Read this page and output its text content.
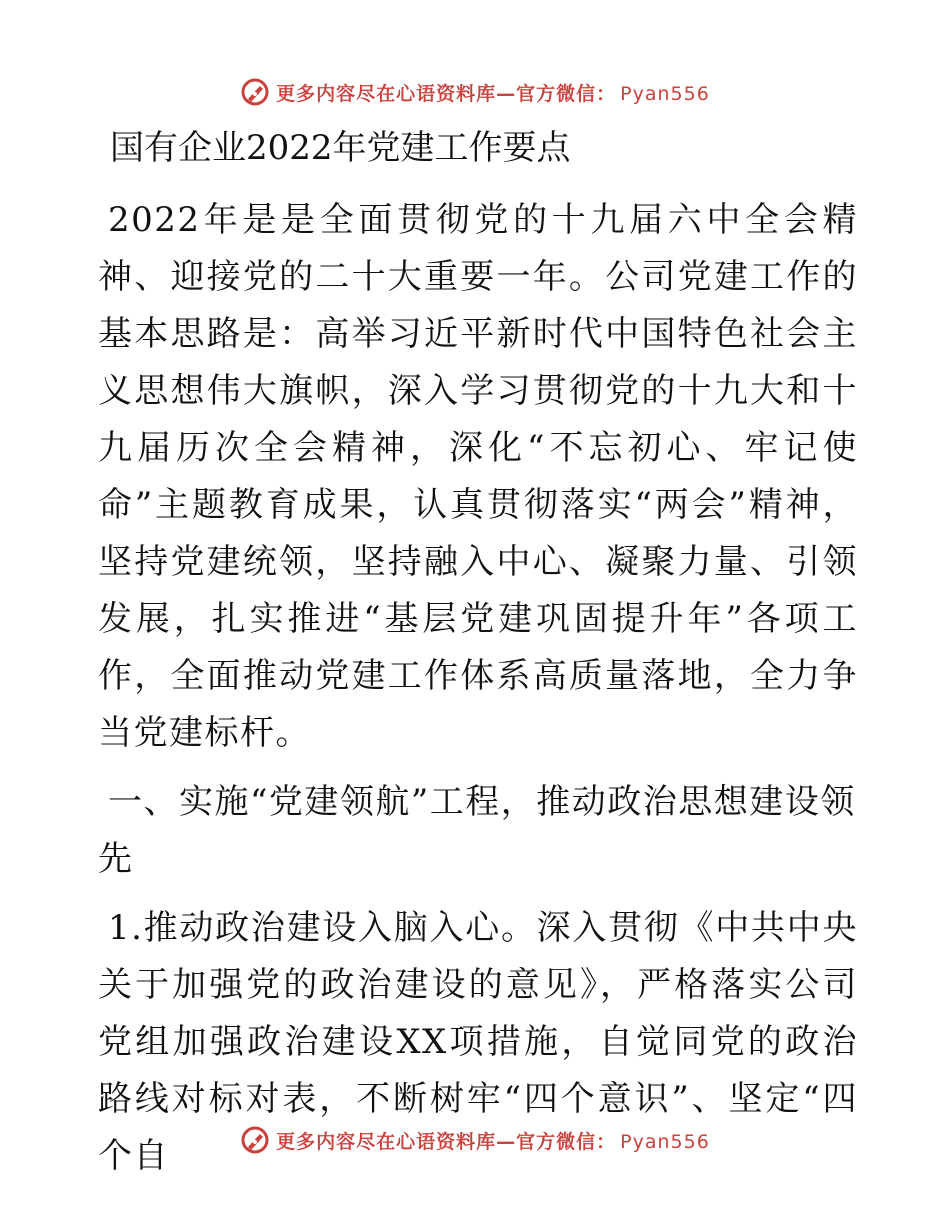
更多内容尽在心语资料库—官方微信： Pyan556
国有企业2022年党建工作要点

2022年是是全面贯彻党的十九届六中全会精神、迎接党的二十大重要一年。公司党建工作的基本思路是：高举习近平新时代中国特色社会主义思想伟大旗帜，深入学习贯彻党的十九大和十九届历次全会精神，深化“不忘初心、牢记使命”主题教育成果，认真贯彻落实“两会”精神，坚持党建统领，坚持融入中心、凝聚力量、引领发展，扎实推进“基层党建巩固提升年”各项工作，全面推动党建工作体系高质量落地，全力争当党建标杆。

一、实施“党建领航”工程，推动政治思想建设领先

1.推动政治建设入脑入心。深入贯彻《中共中央关于加强党的政治建设的意见》，严格落实公司党组加强政治建设XX项措施，自觉同党的政治路线对标对表，不断树牢“四个意识”、坚定“四个自	更多内容尽在心语资料库—官方微信： Pyan556
